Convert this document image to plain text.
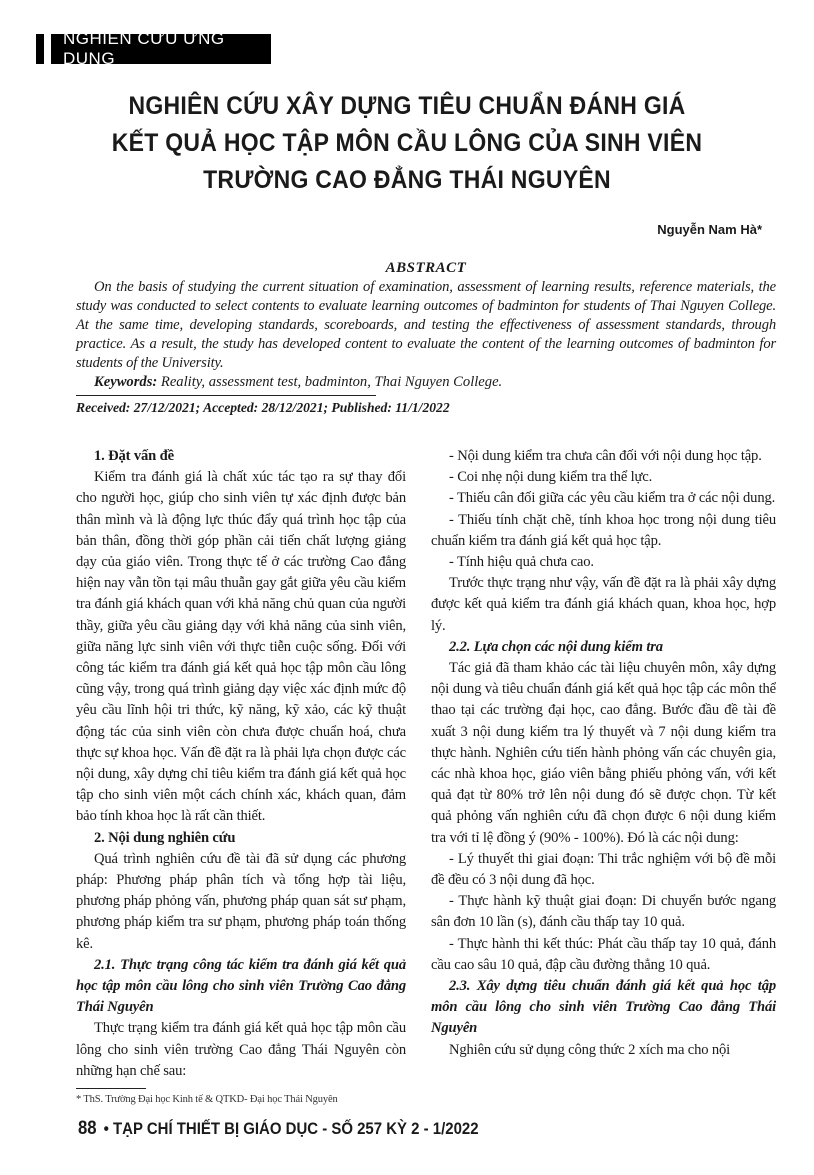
NGHIÊN CỨU ỨNG DỤNG
NGHIÊN CỨU XÂY DỰNG TIÊU CHUẨN ĐÁNH GIÁ
KẾT QUẢ HỌC TẬP MÔN CẦU LÔNG CỦA SINH VIÊN
TRƯỜNG CAO ĐẲNG THÁI NGUYÊN
Nguyễn Nam Hà*
ABSTRACT

On the basis of studying the current situation of examination, assessment of learning results, reference materials, the study was conducted to select contents to evaluate learning outcomes of badminton for students of Thai Nguyen College. At the same time, developing standards, scoreboards, and testing the effectiveness of assessment standards, through practice. As a result, the study has developed content to evaluate the content of the learning outcomes of badminton for students of the University.

Keywords: Reality, assessment test, badminton, Thai Nguyen College.

Received: 27/12/2021; Accepted: 28/12/2021; Published: 11/1/2022

1. Đặt vấn đề

Kiểm tra đánh giá là chất xúc tác tạo ra sự thay đổi cho người học, giúp cho sinh viên tự xác định được bản thân mình và là động lực thúc đẩy quá trình học tập của bản thân, đồng thời góp phần cải tiến chất lượng giảng dạy của giáo viên. Trong thực tế ở các trường Cao đẳng hiện nay vẫn tồn tại mâu thuẫn gay gắt giữa yêu cầu kiểm tra đánh giá khách quan với khả năng chủ quan của người thầy, giữa yêu cầu giảng dạy với khả năng của sinh viên, giữa năng lực sinh viên với thực tiễn cuộc sống. Đối với công tác kiểm tra đánh giá kết quả học tập môn cầu lông cũng vậy, trong quá trình giảng dạy việc xác định mức độ yêu cầu lĩnh hội tri thức, kỹ năng, kỹ xảo, các kỹ thuật động tác của sinh viên còn chưa được chuẩn hoá, chưa thực sự khoa học. Vấn đề đặt ra là phải lựa chọn được các nội dung, xây dựng chỉ tiêu kiểm tra đánh giá kết quả học tập cho sinh viên một cách chính xác, khách quan, đảm bảo tính khoa học là rất cần thiết.

2. Nội dung nghiên cứu

Quá trình nghiên cứu đề tài đã sử dụng các phương pháp: Phương pháp phân tích và tổng hợp tài liệu, phương pháp phỏng vấn, phương pháp quan sát sư phạm, phương pháp kiểm tra sư phạm, phương pháp toán thống kê.

2.1. Thực trạng công tác kiểm tra đánh giá kết quả học tập môn cầu lông cho sinh viên Trường Cao đẳng Thái Nguyên

Thực trạng kiểm tra đánh giá kết quả học tập môn cầu lông cho sinh viên trường Cao đẳng Thái Nguyên còn những hạn chế sau:

* ThS. Trường Đại học Kinh tế & QTKD- Đại học Thái Nguyên

- Nội dung kiểm tra chưa cân đối với nội dung học tập.

- Coi nhẹ nội dung kiểm tra thể lực.

- Thiếu cân đối giữa các yêu cầu kiểm tra ở các nội dung.

- Thiếu tính chặt chẽ, tính khoa học trong nội dung tiêu chuẩn kiểm tra đánh giá kết quả học tập.

- Tính hiệu quả chưa cao.

Trước thực trạng như vậy, vấn đề đặt ra là phải xây dựng được kết quả kiểm tra đánh giá khách quan, khoa học, hợp lý.

2.2. Lựa chọn các nội dung kiểm tra

Tác giả đã tham khảo các tài liệu chuyên môn, xây dựng nội dung và tiêu chuẩn đánh giá kết quả học tập các môn thể thao tại các trường đại học, cao đẳng. Bước đầu đề tài đề xuất 3 nội dung kiểm tra lý thuyết và 7 nội dung kiểm tra thực hành. Nghiên cứu tiến hành phỏng vấn các chuyên gia, các nhà khoa học, giáo viên bằng phiếu phỏng vấn, với kết quả đạt từ 80% trở lên nội dung đó sẽ được chọn. Từ kết quả phỏng vấn nghiên cứu đã chọn được 6 nội dung kiểm tra với tỉ lệ đồng ý (90% - 100%). Đó là các nội dung:

- Lý thuyết thi giai đoạn: Thi trắc nghiệm với bộ đề mỗi đề đều có 3 nội dung đã học.

- Thực hành kỹ thuật giai đoạn: Di chuyển bước ngang sân đơn 10 lần (s), đánh cầu thấp tay 10 quả.

- Thực hành thi kết thúc: Phát cầu thấp tay 10 quả, đánh cầu cao sâu 10 quả, đập cầu đường thẳng 10 quả.

2.3. Xây dựng tiêu chuẩn đánh giá kết quả học tập môn cầu lông cho sinh viên Trường Cao đẳng Thái Nguyên

Nghiên cứu sử dụng công thức 2 xích ma cho nội

88 • TẠP CHÍ THIẾT BỊ GIÁO DỤC - SỐ 257 KỲ 2 - 1/2022
